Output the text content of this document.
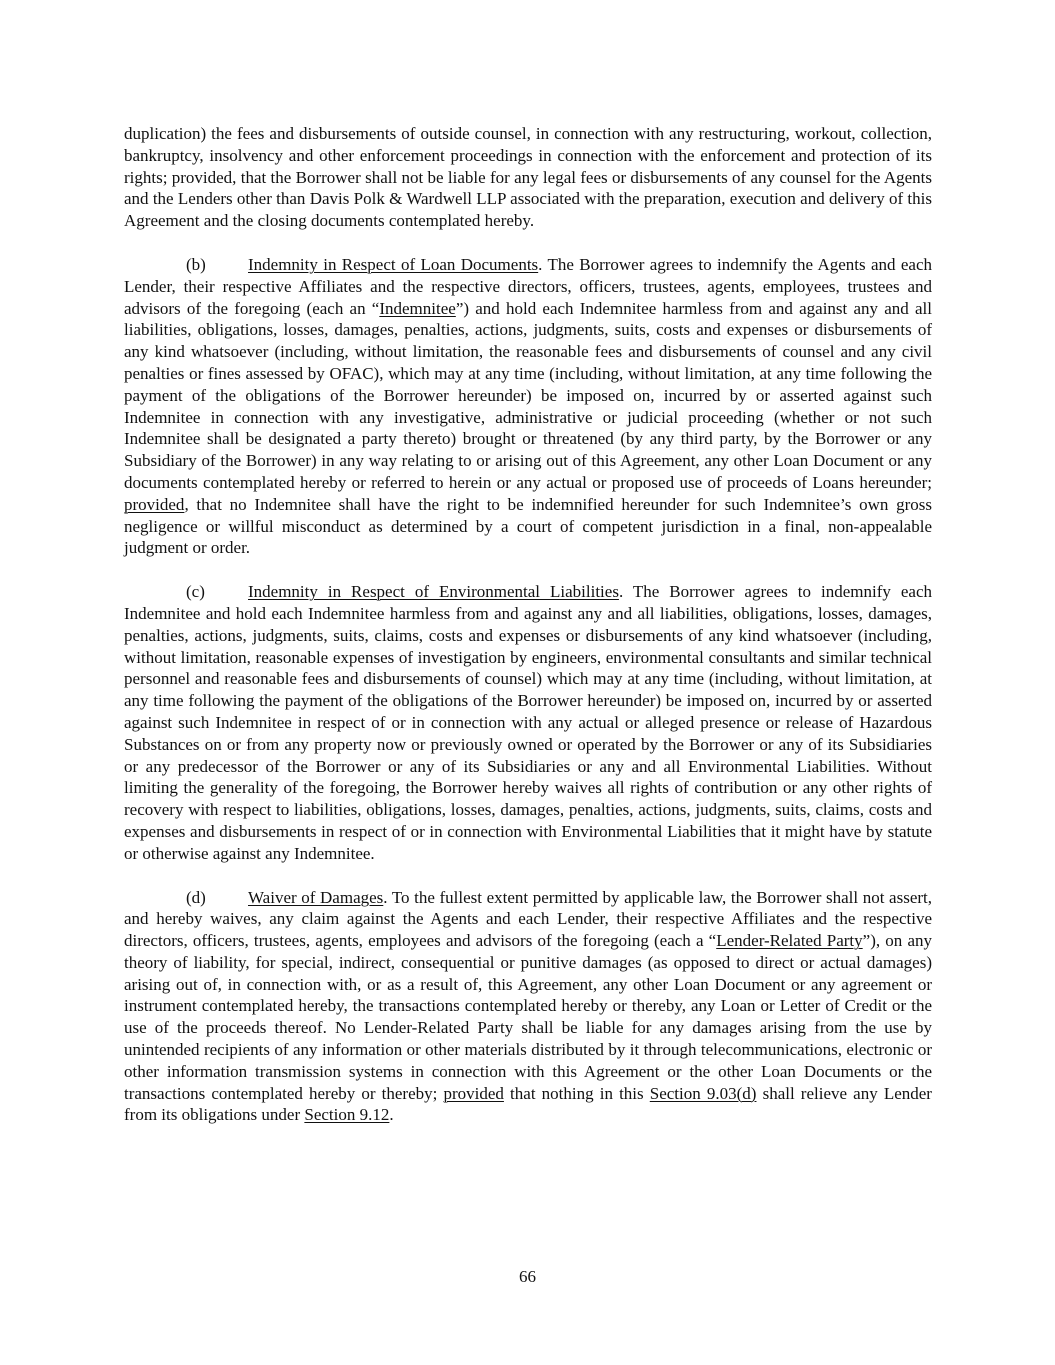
duplication) the fees and disbursements of outside counsel, in connection with any restructuring, workout, collection, bankruptcy, insolvency and other enforcement proceedings in connection with the enforcement and protection of its rights; provided, that the Borrower shall not be liable for any legal fees or disbursements of any counsel for the Agents and the Lenders other than Davis Polk & Wardwell LLP associated with the preparation, execution and delivery of this Agreement and the closing documents contemplated hereby.

(b) Indemnity in Respect of Loan Documents. The Borrower agrees to indemnify the Agents and each Lender, their respective Affiliates and the respective directors, officers, trustees, agents, employees, trustees and advisors of the foregoing (each an “Indemnitee”) and hold each Indemnitee harmless from and against any and all liabilities, obligations, losses, damages, penalties, actions, judgments, suits, costs and expenses or disbursements of any kind whatsoever (including, without limitation, the reasonable fees and disbursements of counsel and any civil penalties or fines assessed by OFAC), which may at any time (including, without limitation, at any time following the payment of the obligations of the Borrower hereunder) be imposed on, incurred by or asserted against such Indemnitee in connection with any investigative, administrative or judicial proceeding (whether or not such Indemnitee shall be designated a party thereto) brought or threatened (by any third party, by the Borrower or any Subsidiary of the Borrower) in any way relating to or arising out of this Agreement, any other Loan Document or any documents contemplated hereby or referred to herein or any actual or proposed use of proceeds of Loans hereunder; provided, that no Indemnitee shall have the right to be indemnified hereunder for such Indemnitee’s own gross negligence or willful misconduct as determined by a court of competent jurisdiction in a final, non-appealable judgment or order.

(c)	Indemnity in Respect of Environmental Liabilities. The Borrower agrees to indemnify each Indemnitee and hold each Indemnitee harmless from and against any and all liabilities, obligations, losses, damages, penalties, actions, judgments, suits, claims, costs and expenses or disbursements of any kind whatsoever (including, without limitation, reasonable expenses of investigation by engineers, environmental consultants and similar technical personnel and reasonable fees and disbursements of counsel) which may at any time (including, without limitation, at any time following the payment of the obligations of the Borrower hereunder) be imposed on, incurred by or asserted against such Indemnitee in respect of or in connection with any actual or alleged presence or release of Hazardous Substances on or from any property now or previously owned or operated by the Borrower or any of its Subsidiaries or any predecessor of the Borrower or any of its Subsidiaries or any and all Environmental Liabilities. Without limiting the generality of the foregoing, the Borrower hereby waives all rights of contribution or any other rights of recovery with respect to liabilities, obligations, losses, damages, penalties, actions, judgments, suits, claims, costs and expenses and disbursements in respect of or in connection with Environmental Liabilities that it might have by statute or otherwise against any Indemnitee.

(d) Waiver of Damages. To the fullest extent permitted by applicable law, the Borrower shall not assert, and hereby waives, any claim against the Agents and each Lender, their respective Affiliates and the respective directors, officers, trustees, agents, employees and advisors of the foregoing (each a “Lender-Related Party”), on any theory of liability, for special, indirect, consequential or punitive damages (as opposed to direct or actual damages) arising out of, in connection with, or as a result of, this Agreement, any other Loan Document or any agreement or instrument contemplated hereby, the transactions contemplated hereby or thereby, any Loan or Letter of Credit or the use of the proceeds thereof. No Lender-Related Party shall be liable for any damages arising from the use by unintended recipients of any information or other materials distributed by it through telecommunications, electronic or other information transmission systems in connection with this Agreement or the other Loan Documents or the transactions contemplated hereby or thereby; provided that nothing in this Section 9.03(d) shall relieve any Lender from its obligations under Section 9.12.

66
